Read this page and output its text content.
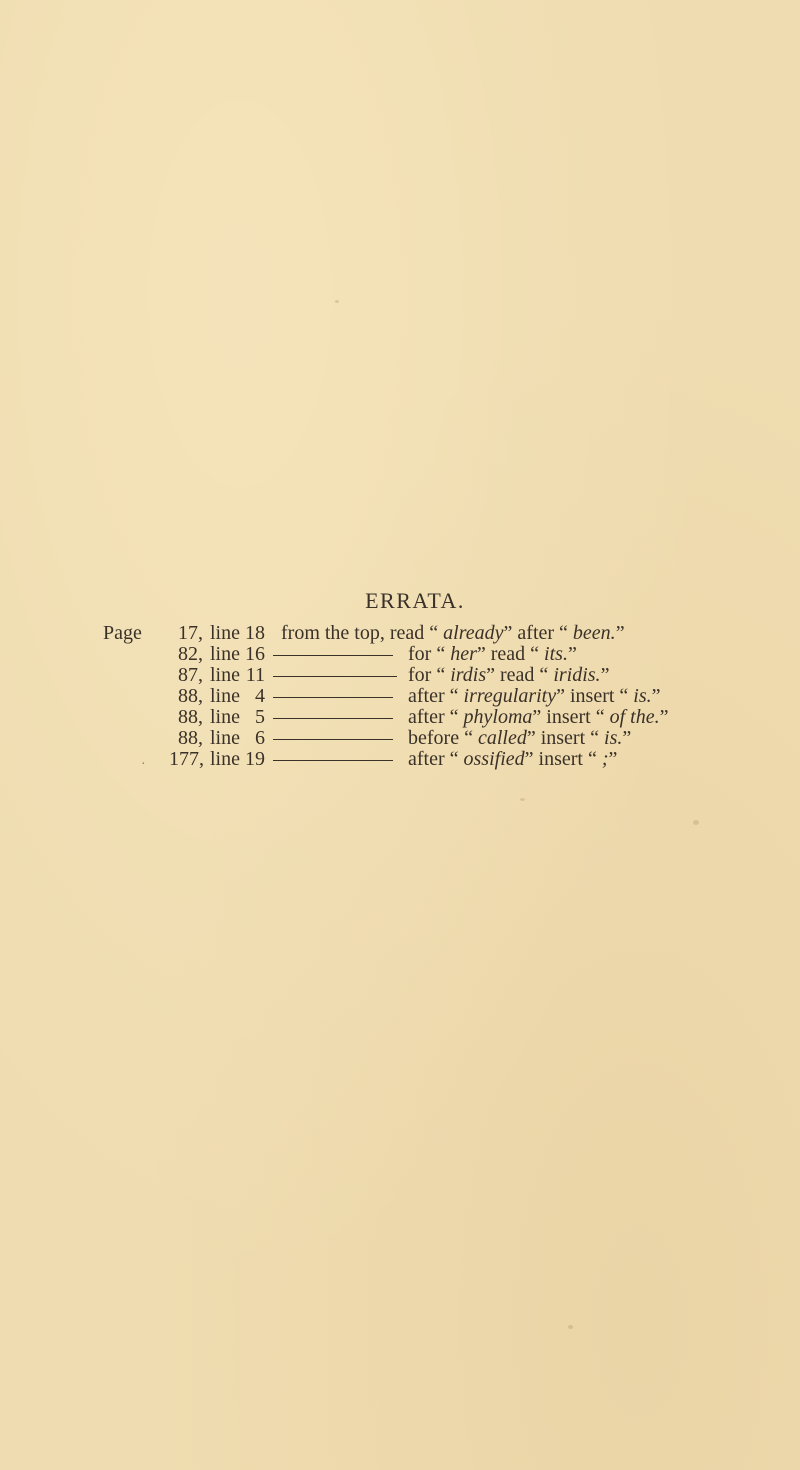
ERRATA.
Page	17, line 18 from the top, read “ already” after “ been.”
82, line 16	for “ her” read “ its.”
87, line 11	for “ irdis” read “ iridis.”
88, line 4	after “ irregularity” insert “ is.”
88, line 5	after “ phyloma” insert “ of the.”
88, line 6	before “ called” insert “ is.”
· 177, line 19	after “ ossified” insert “ ;”
